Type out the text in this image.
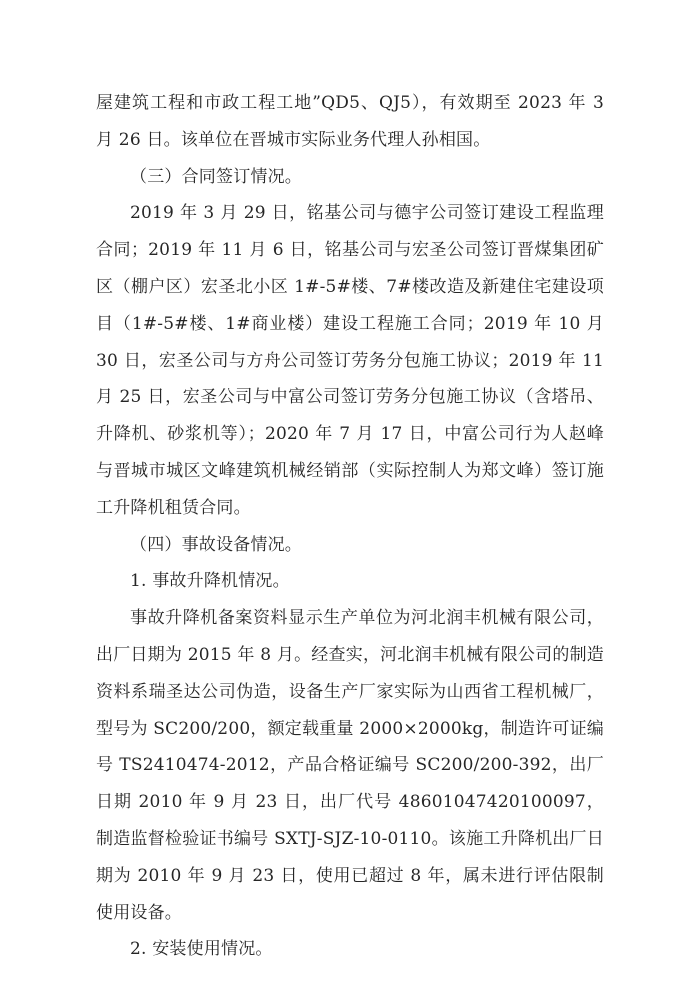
屋建筑工程和市政工程工地”QD5、QJ5），有效期至 2023 年 3 月 26 日。该单位在晋城市实际业务代理人孙相国。

（三）合同签订情况。

2019 年 3 月 29 日，铭基公司与德宇公司签订建设工程监理合同；2019 年 11 月 6 日，铭基公司与宏圣公司签订晋煤集团矿区（棚户区）宏圣北小区 1#-5#楼、7#楼改造及新建住宅建设项目（1#-5#楼、1#商业楼）建设工程施工合同；2019 年 10 月 30 日，宏圣公司与方舟公司签订劳务分包施工协议；2019 年 11 月 25 日，宏圣公司与中富公司签订劳务分包施工协议（含塔吊、升降机、砂浆机等）；2020 年 7 月 17 日，中富公司行为人赵峰与晋城市城区文峰建筑机械经销部（实际控制人为郑文峰）签订施工升降机租赁合同。

（四）事故设备情况。

1. 事故升降机情况。

事故升降机备案资料显示生产单位为河北润丰机械有限公司，出厂日期为 2015 年 8 月。经查实，河北润丰机械有限公司的制造资料系瑞圣达公司伪造，设备生产厂家实际为山西省工程机械厂，型号为 SC200/200，额定载重量 2000×2000kg，制造许可证编号 TS2410474-2012，产品合格证编号 SC200/200-392，出厂日期 2010 年 9 月 23 日，出厂代号 48601047420100097，制造监督检验证书编号 SXTJ-SJZ-10-0110。该施工升降机出厂日期为 2010 年 9 月 23 日，使用已超过 8 年，属未进行评估限制使用设备。

2. 安装使用情况。
